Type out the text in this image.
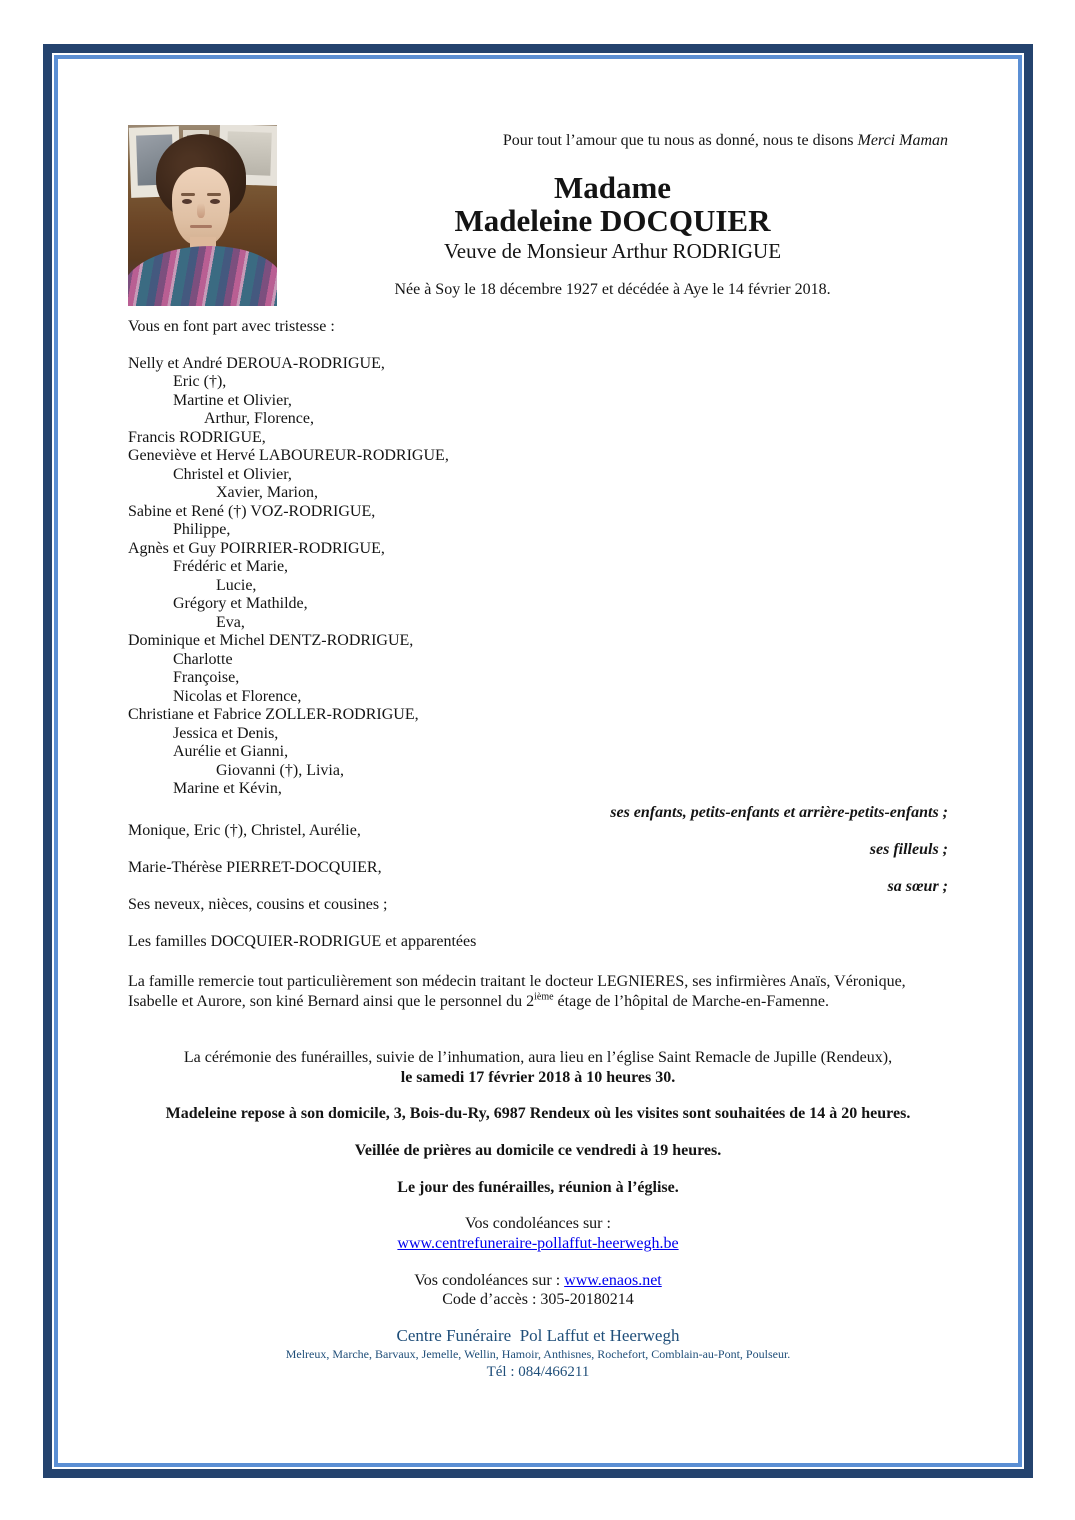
Pour tout l’amour que tu nous as donné, nous te disons Merci Maman
Madame
Madeleine DOCQUIER
Veuve de Monsieur Arthur RODRIGUE
Née à Soy le 18 décembre 1927 et décédée à Aye le 14 février 2018.
Vous en font part avec tristesse :
Nelly et André DEROUA-RODRIGUE,
Eric (†),
Martine et Olivier,
Arthur, Florence,
Francis RODRIGUE,
Geneviève et Hervé LABOUREUR-RODRIGUE,
Christel et Olivier,
Xavier, Marion,
Sabine et René (†) VOZ-RODRIGUE,
Philippe,
Agnès et Guy POIRRIER-RODRIGUE,
Frédéric et Marie,
Lucie,
Grégory et Mathilde,
Eva,
Dominique et Michel DENTZ-RODRIGUE,
Charlotte
Françoise,
Nicolas et Florence,
Christiane et Fabrice ZOLLER-RODRIGUE,
Jessica et Denis,
Aurélie et Gianni,
Giovanni (†), Livia,
Marine et Kévin,
ses enfants, petits-enfants et arrière-petits-enfants ;
Monique, Eric (†), Christel, Aurélie,
ses filleuls ;
Marie-Thérèse PIERRET-DOCQUIER,
sa sœur ;
Ses neveux, nièces, cousins et cousines ;
Les familles DOCQUIER-RODRIGUE et apparentées
La famille remercie tout particulièrement son médecin traitant le docteur LEGNIERES, ses infirmières Anaïs, Véronique,
Isabelle et Aurore, son kiné Bernard ainsi que le personnel du 2ième étage de l’hôpital de Marche-en-Famenne.
La cérémonie des funérailles, suivie de l’inhumation, aura lieu en l’église Saint Remacle de Jupille (Rendeux),
le samedi 17 février 2018 à 10 heures 30.
Madeleine repose à son domicile, 3, Bois-du-Ry, 6987 Rendeux où les visites sont souhaitées de 14 à 20 heures.
Veillée de prières au domicile ce vendredi à 19 heures.
Le jour des funérailles, réunion à l’église.
Vos condoléances sur :
www.centrefuneraire-pollaffut-heerwegh.be
Vos condoléances sur : www.enaos.net
Code d’accès : 305-20180214
Centre Funéraire  Pol Laffut et Heerwegh
Melreux, Marche, Barvaux, Jemelle, Wellin, Hamoir, Anthisnes, Rochefort, Comblain-au-Pont, Poulseur.
Tél : 084/466211
